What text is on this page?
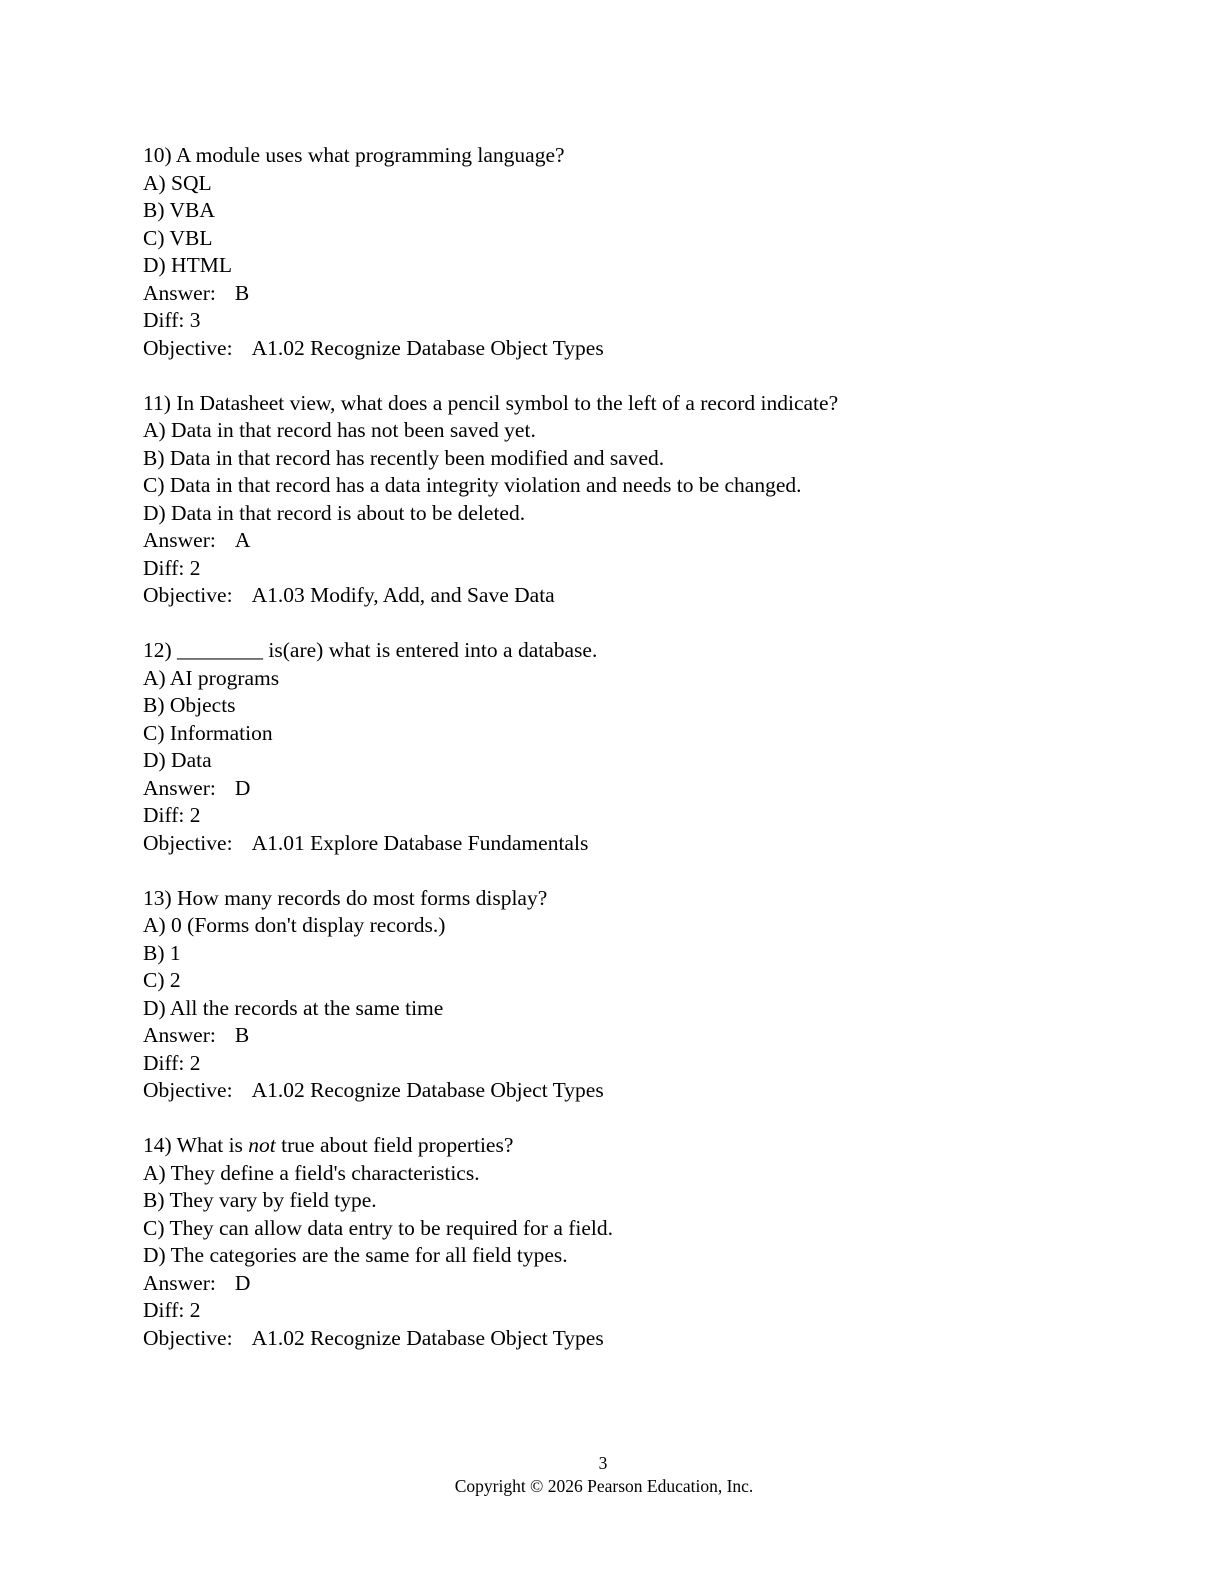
10) A module uses what programming language?
A) SQL
B) VBA
C) VBL
D) HTML
Answer: B
Diff: 3
Objective: A1.02 Recognize Database Object Types
11) In Datasheet view, what does a pencil symbol to the left of a record indicate?
A) Data in that record has not been saved yet.
B) Data in that record has recently been modified and saved.
C) Data in that record has a data integrity violation and needs to be changed.
D) Data in that record is about to be deleted.
Answer: A
Diff: 2
Objective: A1.03 Modify, Add, and Save Data
12) ________ is(are) what is entered into a database.
A) AI programs
B) Objects
C) Information
D) Data
Answer: D
Diff: 2
Objective: A1.01 Explore Database Fundamentals
13) How many records do most forms display?
A) 0 (Forms don't display records.)
B) 1
C) 2
D) All the records at the same time
Answer: B
Diff: 2
Objective: A1.02 Recognize Database Object Types
14) What is not true about field properties?
A) They define a field's characteristics.
B) They vary by field type.
C) They can allow data entry to be required for a field.
D) The categories are the same for all field types.
Answer: D
Diff: 2
Objective: A1.02 Recognize Database Object Types
3
Copyright © 2026 Pearson Education, Inc.
